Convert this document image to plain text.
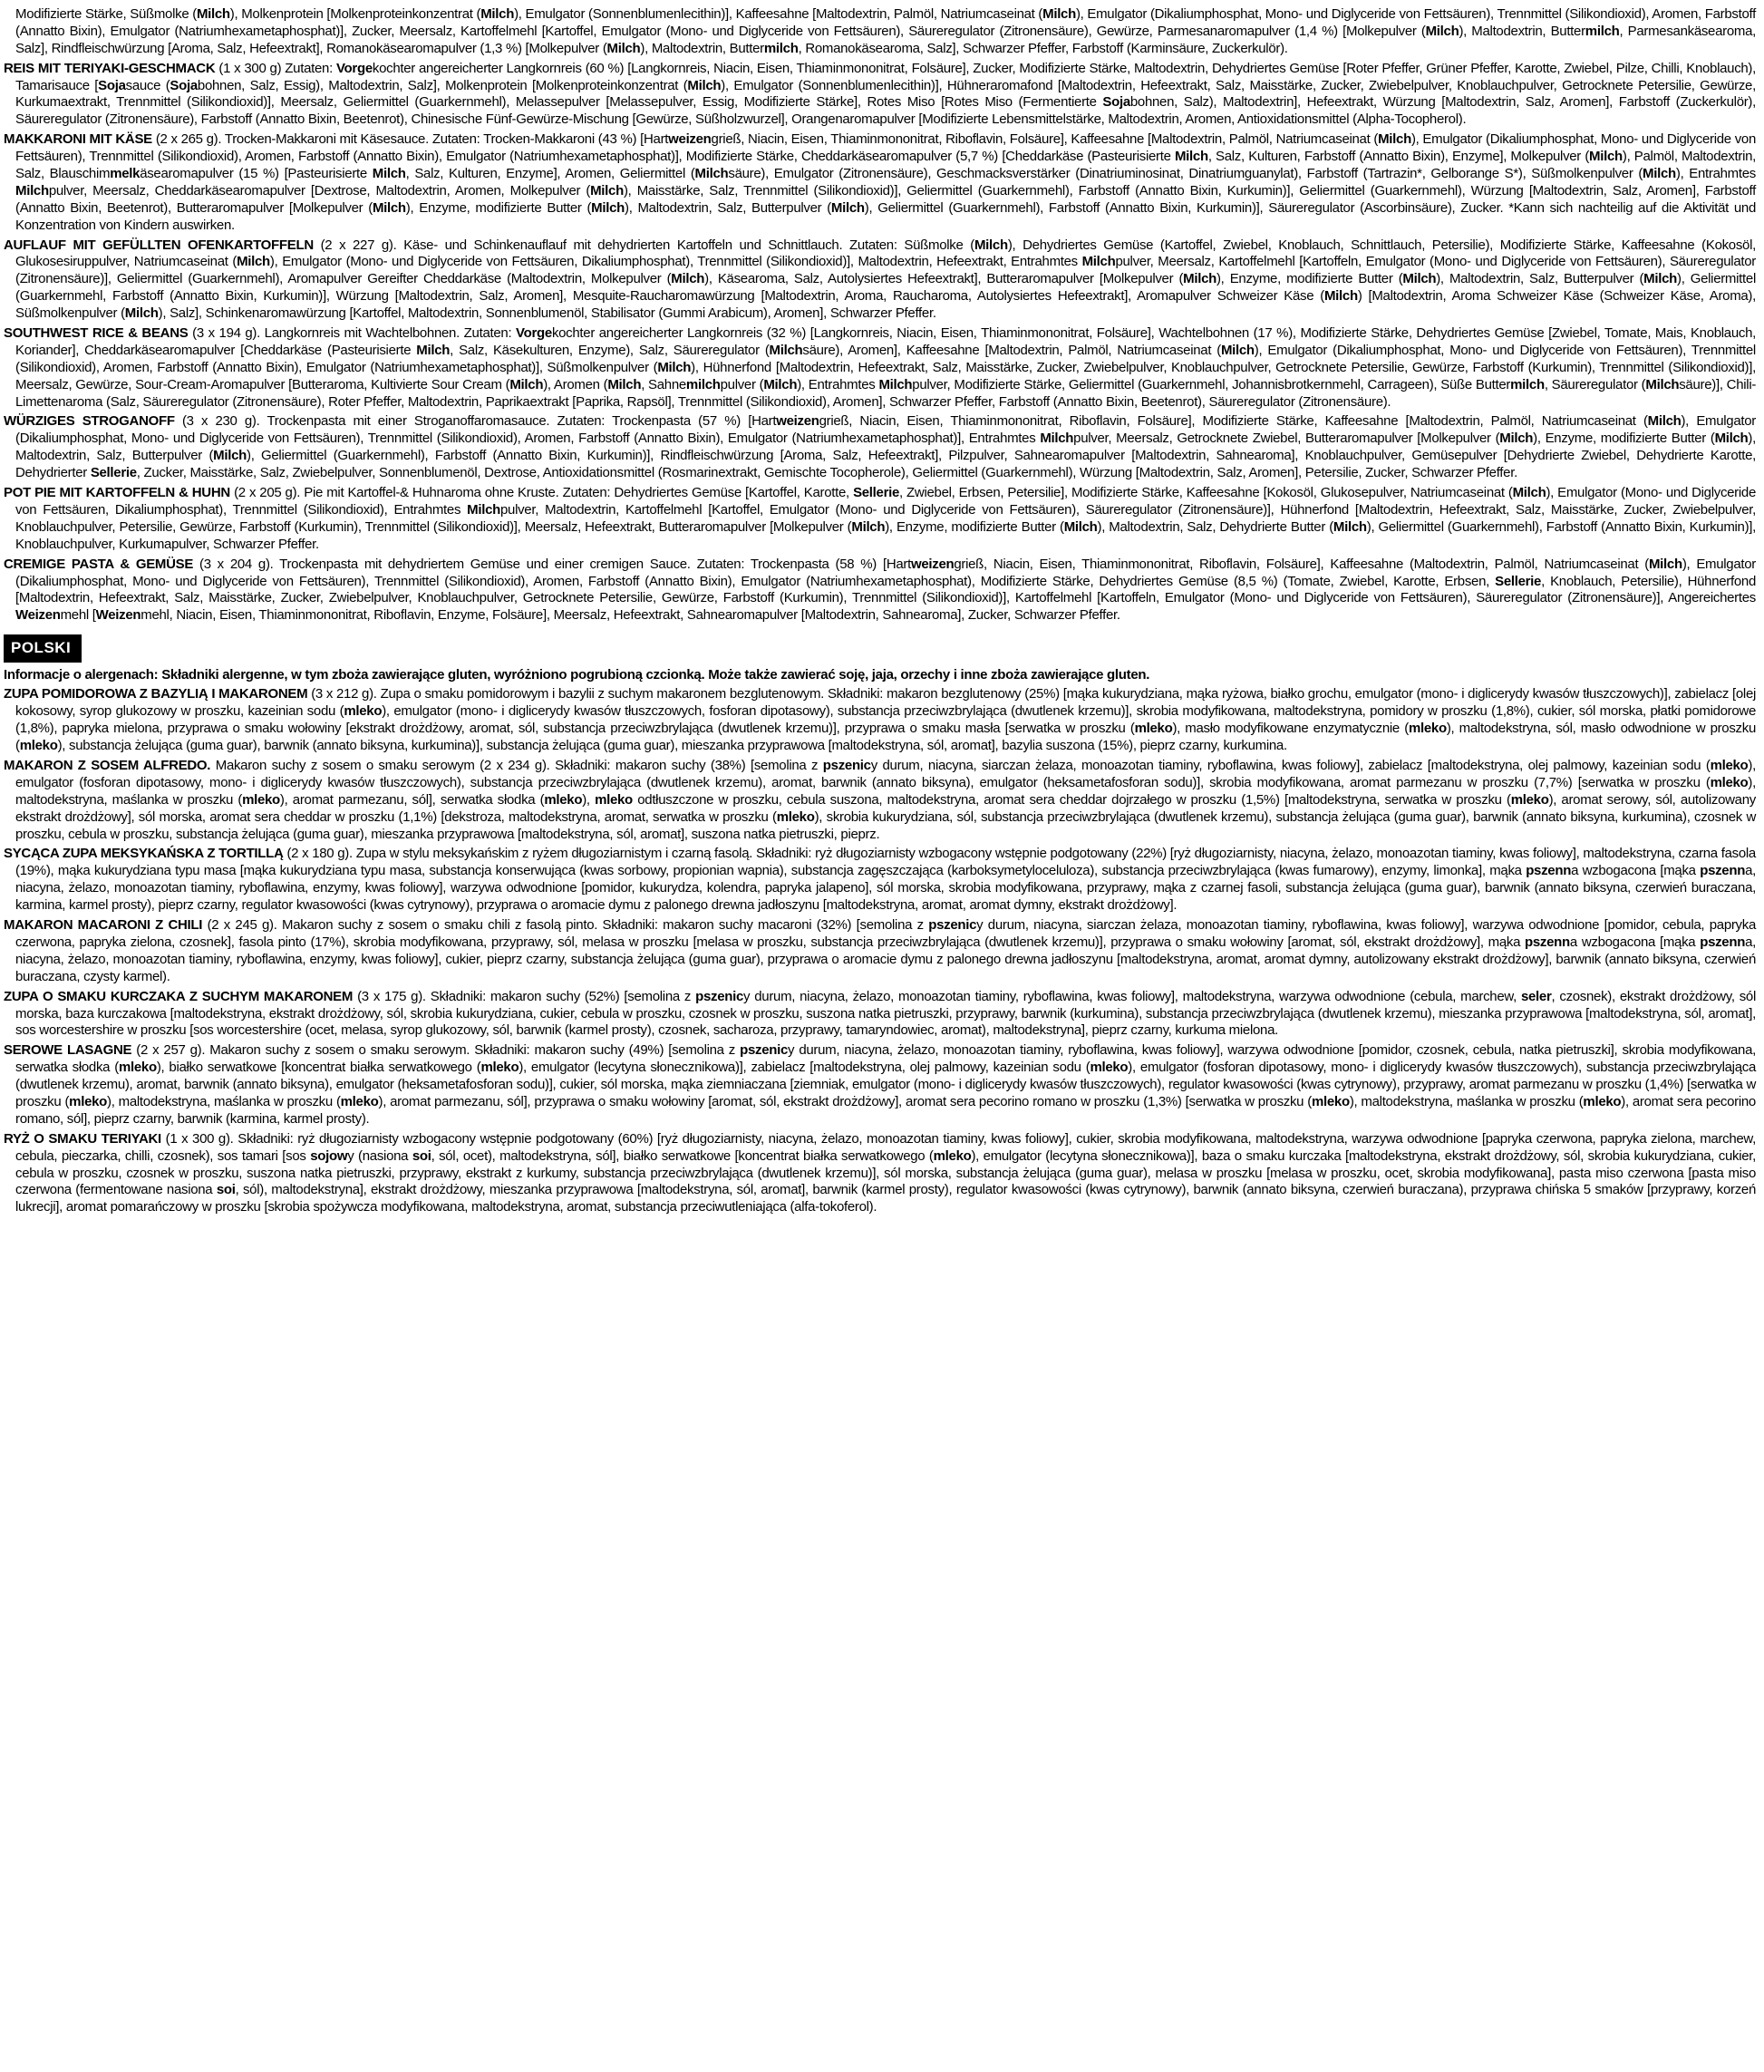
Modifizierte Stärke, Süßmolke (Milch), Molkenprotein [Molkenproteinkonzentrat (Milch), Emulgator (Sonnenblumenlecithin)], Kaffeesahne [Maltodextrin, Palmöl, Natriumcaseinat (Milch), Emulgator (Dikaliumphosphat, Mono- und Diglyceride von Fettsäuren), Trennmittel (Silikondioxid), Aromen, Farbstoff (Annatto Bixin), Emulgator (Natriumhexametaphosphat)], Zucker, Meersalz, Kartoffelmehl [Kartoffel, Emulgator (Mono- und Diglyceride von Fettsäuren), Säureregulator (Zitronensäure), Gewürze, Parmesanaromapulver (1,4 %) [Molkepulver (Milch), Maltodextrin, Buttermilch, Parmesankäsearoma, Salz], Rindfleischwürzung [Aroma, Salz, Hefeextrakt], Romanokäsearomapulver (1,3 %) [Molkepulver (Milch), Maltodextrin, Buttermilch, Romanokäsearoma, Salz], Schwarzer Pfeffer, Farbstoff (Karminsäure, Zuckerkulör).

REIS MIT TERIYAKI-GESCHMACK (1 x 300 g) Zutaten: Vorgekochter angereicherter Langkornreis (60 %) [Langkornreis, Niacin, Eisen, Thiaminmononitrat, Folsäure], Zucker, Modifizierte Stärke, Maltodextrin, Dehydriertes Gemüse [Roter Pfeffer, Grüner Pfeffer, Karotte, Zwiebel, Pilze, Chilli, Knoblauch), Tamarisauce [Sojasauce (Sojabohnen, Salz, Essig), Maltodextrin, Salz], Molkenprotein [Molkenproteinkonzentrat (Milch), Emulgator (Sonnenblumenlecithin)], Hühneraromafond [Maltodextrin, Hefeextrakt, Salz, Maisstärke, Zucker, Zwiebelpulver, Knoblauchpulver, Getrocknete Petersilie, Gewürze, Kurkumaextrakt, Trennmittel (Silikondioxid)], Meersalz, Geliermittel (Guarkernmehl), Melassepulver [Melassepulver, Essig, Modifizierte Stärke], Rotes Miso [Rotes Miso (Fermentierte Sojabohnen, Salz), Maltodextrin], Hefeextrakt, Würzung [Maltodextrin, Salz, Aromen], Farbstoff (Zuckerkulör), Säureregulator (Zitronensäure), Farbstoff (Annatto Bixin, Beetenrot), Chinesische Fünf-Gewürze-Mischung [Gewürze, Süßholzwurzel], Orangenaromapulver [Modifizierte Lebensmittelstärke, Maltodextrin, Aromen, Antioxidationsmittel (Alpha-Tocopherol).

MAKKARONI MIT KÄSE (2 x 265 g). Trocken-Makkaroni mit Käsesauce. Zutaten: Trocken-Makkaroni (43 %) [Hartweizengrieß, Niacin, Eisen, Thiaminmononitrat, Riboflavin, Folsäure], Kaffeesahne [Maltodextrin, Palmöl, Natriumcaseinat (Milch), Emulgator (Dikaliumphosphat, Mono- und Diglyceride von Fettsäuren), Trennmittel (Silikondioxid), Aromen, Farbstoff (Annatto Bixin), Emulgator (Natriumhexametaphosphat)], Modifizierte Stärke, Cheddarkäsearomapulver (5,7 %) [Cheddarkäse (Pasteurisierte Milch, Salz, Kulturen, Farbstoff (Annatto Bixin), Enzyme], Molkepulver (Milch), Palmöl, Maltodextrin, Salz, Blauschimmelkäsearomapulver (15 %) [Pasteurisierte Milch, Salz, Kulturen, Enzyme], Aromen, Geliermittel (Milchsäure), Emulgator (Zitronensäure), Geschmacksverstärker (Dinatriuminosinat, Dinatriumguanylat), Farbstoff (Tartrazin*, Gelborange S*), Süßmolkenpulver (Milch), Entrahmtes Milchpulver, Meersalz, Cheddarkäsearomapulver [Dextrose, Maltodextrin, Aromen, Molkepulver (Milch), Maisstärke, Salz, Trennmittel (Silikondioxid)], Geliermittel (Guarkernmehl), Farbstoff (Annatto Bixin, Kurkumin)], Geliermittel (Guarkernmehl), Würzung [Maltodextrin, Salz, Aromen], Farbstoff (Annatto Bixin, Beetenrot), Butteraromapulver [Molkepulver (Milch), Enzyme, modifizierte Butter (Milch), Maltodextrin, Salz, Butterpulver (Milch), Geliermittel (Guarkernmehl), Farbstoff (Annatto Bixin, Kurkumin)], Säureregulator (Ascorbinsäure), Zucker. *Kann sich nachteilig auf die Aktivität und Konzentration von Kindern auswirken.

AUFLAUF MIT GEFÜLLTEN OFENKARTOFFELN (2 x 227 g). Käse- und Schinkenauflauf mit dehydrierten Kartoffeln und Schnittlauch. Zutaten: Süßmolke (Milch), Dehydriertes Gemüse (Kartoffel, Zwiebel, Knoblauch, Schnittlauch, Petersilie), Modifizierte Stärke, Kaffeesahne (Kokosöl, Glukosesiruppulver, Natriumcaseinat (Milch), Emulgator (Mono- und Diglyceride von Fettsäuren, Dikaliumphosphat), Trennmittel (Silikondioxid)], Maltodextrin, Hefeextrakt, Entrahmtes Milchpulver, Meersalz, Kartoffelmehl [Kartoffeln, Emulgator (Mono- und Diglyceride von Fettsäuren), Säureregulator (Zitronensäure)], Geliermittel (Guarkernmehl), Aromapulver Gereifter Cheddarkäse (Maltodextrin, Molkepulver (Milch), Käsearoma, Salz, Autolysiertes Hefeextrakt], Butteraromapulver [Molkepulver (Milch), Enzyme, modifizierte Butter (Milch), Maltodextrin, Salz, Butterpulver (Milch), Geliermittel (Guarkernmehl, Farbstoff (Annatto Bixin, Kurkumin)], Würzung [Maltodextrin, Salz, Aromen], Mesquite-Raucharomawürzung [Maltodextrin, Aroma, Raucharoma, Autolysiertes Hefeextrakt], Aromapulver Schweizer Käse (Milch) [Maltodextrin, Aroma Schweizer Käse (Schweizer Käse, Aroma), Süßmolkenpulver (Milch), Salz], Schinkenaromawürzung [Kartoffel, Maltodextrin, Sonnenblumenöl, Stabilisator (Gummi Arabicum), Aromen], Schwarzer Pfeffer.

SOUTHWEST RICE & BEANS (3 x 194 g). Langkornreis mit Wachtelbohnen. Zutaten: Vorgekochter angereicherter Langkornreis (32 %) [Langkornreis, Niacin, Eisen, Thiaminmononitrat, Folsäure], Wachtelbohnen (17 %), Modifizierte Stärke, Dehydriertes Gemüse [Zwiebel, Tomate, Mais, Knoblauch, Koriander], Cheddarkäsearomapulver [Cheddarkäse (Pasteurisierte Milch, Salz, Käsekulturen, Enzyme), Salz, Säureregulator (Milchsäure), Aromen], Kaffeesahne [Maltodextrin, Palmöl, Natriumcaseinat (Milch), Emulgator (Dikaliumphosphat, Mono- und Diglyceride von Fettsäuren), Trennmittel (Silikondioxid), Aromen, Farbstoff (Annatto Bixin), Emulgator (Natriumhexametaphosphat)], Süßmolkenpulver (Milch), Hühnerfond [Maltodextrin, Hefeextrakt, Salz, Maisstärke, Zucker, Zwiebelpulver, Knoblauchpulver, Getrocknete Petersilie, Gewürze, Farbstoff (Kurkumin), Trennmittel (Silikondioxid)], Meersalz, Gewürze, Sour-Cream-Aromapulver [Butteraroma, Kultivierte Sour Cream (Milch), Aromen (Milch, Sahnemilchpulver (Milch), Entrahmtes Milchpulver, Modifizierte Stärke, Geliermittel (Guarkernmehl, Johannisbrotkernmehl, Carrageen), Süße Buttermilch, Säureregulator (Milchsäure)], Chili-Limettenaroma (Salz, Säureregulator (Zitronensäure), Roter Pfeffer, Maltodextrin, Paprikaextrakt [Paprika, Rapsöl], Trennmittel (Silikondioxid), Aromen], Schwarzer Pfeffer, Farbstoff (Annatto Bixin, Beetenrot), Säureregulator (Zitronensäure).

WÜRZIGES STROGANOFF (3 x 230 g). Trockenpasta mit einer Stroganoffaromasauce. Zutaten: Trockenpasta (57 %) [Hartweizengrieß, Niacin, Eisen, Thiaminmononitrat, Riboflavin, Folsäure], Modifizierte Stärke, Kaffeesahne [Maltodextrin, Palmöl, Natriumcaseinat (Milch), Emulgator (Dikaliumphosphat, Mono- und Diglyceride von Fettsäuren), Trennmittel (Silikondioxid), Aromen, Farbstoff (Annatto Bixin), Emulgator (Natriumhexametaphosphat)], Entrahmtes Milchpulver, Meersalz, Getrocknete Zwiebel, Butteraromapulver [Molkepulver (Milch), Enzyme, modifizierte Butter (Milch), Maltodextrin, Salz, Butterpulver (Milch), Geliermittel (Guarkernmehl), Farbstoff (Annatto Bixin, Kurkumin)], Rindfleischwürzung [Aroma, Salz, Hefeextrakt], Pilzpulver, Sahnearomapulver [Maltodextrin, Sahnearoma], Knoblauchpulver, Gemüsepulver [Dehydrierte Zwiebel, Dehydrierte Karotte, Dehydrierter Sellerie, Zucker, Maisstärke, Salz, Zwiebelpulver, Sonnenblumenöl, Dextrose, Antioxidationsmittel (Rosmarinextrakt, Gemischte Tocopherole), Geliermittel (Guarkernmehl), Würzung [Maltodextrin, Salz, Aromen], Petersilie, Zucker, Schwarzer Pfeffer.

POT PIE MIT KARTOFFELN & HUHN (2 x 205 g). Pie mit Kartoffel-& Huhnaroma ohne Kruste. Zutaten: Dehydriertes Gemüse [Kartoffel, Karotte, Sellerie, Zwiebel, Erbsen, Petersilie], Modifizierte Stärke, Kaffeesahne [Kokosöl, Glukosepulver, Natriumcaseinat (Milch), Emulgator (Mono- und Diglyceride von Fettsäuren, Dikaliumphosphat), Trennmittel (Silikondioxid), Entrahmtes Milchpulver, Maltodextrin, Kartoffelmehl [Kartoffel, Emulgator (Mono- und Diglyceride von Fettsäuren), Säureregulator (Zitronensäure)], Hühnerfond [Maltodextrin, Hefeextrakt, Salz, Maisstärke, Zucker, Zwiebelpulver, Knoblauchpulver, Petersilie, Gewürze, Farbstoff (Kurkumin), Trennmittel (Silikondioxid)], Meersalz, Hefeextrakt, Butteraromapulver [Molkepulver (Milch), Enzyme, modifizierte Butter (Milch), Maltodextrin, Salz, Dehydrierte Butter (Milch), Geliermittel (Guarkernmehl), Farbstoff (Annatto Bixin, Kurkumin)], Knoblauchpulver, Kurkumapulver, Schwarzer Pfeffer.

CREMIGE PASTA & GEMÜSE (3 x 204 g). Trockenpasta mit dehydriertem Gemüse und einer cremigen Sauce. Zutaten: Trockenpasta (58 %) [Hartweizengrieß, Niacin, Eisen, Thiaminmononitrat, Riboflavin, Folsäure], Kaffeesahne (Maltodextrin, Palmöl, Natriumcaseinat (Milch), Emulgator (Dikaliumphosphat, Mono- und Diglyceride von Fettsäuren), Trennmittel (Silikondioxid), Aromen, Farbstoff (Annatto Bixin), Emulgator (Natriumhexametaphosphat), Modifizierte Stärke, Dehydriertes Gemüse (8,5 %) (Tomate, Zwiebel, Karotte, Erbsen, Sellerie, Knoblauch, Petersilie), Hühnerfond [Maltodextrin, Hefeextrakt, Salz, Maisstärke, Zucker, Zwiebelpulver, Knoblauchpulver, Getrocknete Petersilie, Gewürze, Farbstoff (Kurkumin), Trennmittel (Silikondioxid)], Kartoffelmehl [Kartoffeln, Emulgator (Mono- und Diglyceride von Fettsäuren), Säureregulator (Zitronensäure)], Angereichertes Weizenmehl [Weizenmehl, Niacin, Eisen, Thiaminmononitrat, Riboflavin, Enzyme, Folsäure], Meersalz, Hefeextrakt, Sahnearomapulver [Maltodextrin, Sahnearoma], Zucker, Schwarzer Pfeffer.

POLSKI

Informacje o alergenach: Składniki alergenne, w tym zboża zawierające gluten, wyróżniono pogrubioną czcionką. Może także zawierać soję, jaja, orzechy i inne zboża zawierające gluten.

ZUPA POMIDOROWA Z BAZYLIĄ I MAKARONEM (3 x 212 g). Zupa o smaku pomidorowym i bazylii z suchym makaronem bezglutenowym. Składniki: makaron bezglutenowy (25%) [mąka kukurydziana, mąka ryżowa, białko grochu, emulgator (mono- i diglicerydy kwasów tłuszczowych)], zabielacz [olej kokosowy, syrop glukozowy w proszku, kazeinian sodu (mleko), emulgator (mono- i diglicerydy kwasów tłuszczowych, fosforan dipotasowy), substancja przeciwzbrylająca (dwutlenek krzemu)], skrobia modyfikowana, maltodekstryna, pomidory w proszku (1,8%), cukier, sól morska, płatki pomidorowe (1,8%), papryka mielona, przyprawa o smaku wołowiny [ekstrakt drożdżowy, aromat, sól, substancja przeciwzbrylająca (dwutlenek krzemu)], przyprawa o smaku masła [serwatka w proszku (mleko), masło modyfikowane enzymatycznie (mleko), maltodekstryna, sól, masło odwodnione w proszku (mleko), substancja żelująca (guma guar), barwnik (annato biksyna, kurkumina)], substancja żelująca (guma guar), mieszanka przyprawowa [maltodekstryna, sól, aromat], bazylia suszona (15%), pieprz czarny, kurkumina.

MAKARON Z SOSEM ALFREDO. Makaron suchy z sosem o smaku serowym (2 x 234 g). Składniki: makaron suchy (38%) [semolina z pszenicy durum, niacyna, siarczan żelaza, monoazotan tiaminy, ryboflawina, kwas foliowy], zabielacz [maltodekstryna, olej palmowy, kazeinian sodu (mleko), emulgator (fosforan dipotasowy, mono- i diglicerydy kwasów tłuszczowych), substancja przeciwzbrylająca (dwutlenek krzemu), aromat, barwnik (annato biksyna), emulgator (heksametafosforan sodu)], skrobia modyfikowana, aromat parmezanu w proszku (7,7%) [serwatka w proszku (mleko), maltodekstryna, maślanka w proszku (mleko), aromat parmezanu, sól], serwatka słodka (mleko), mleko odtłuszczone w proszku, cebula suszona, maltodekstryna, aromat sera cheddar dojrzałego w proszku (1,5%) [maltodekstryna, serwatka w proszku (mleko), aromat serowy, sól, autolizowany ekstrakt drożdżowy], sól morska, aromat sera cheddar w proszku (1,1%) [dekstroza, maltodekstryna, aromat, serwatka w proszku (mleko), skrobia kukurydziana, sól, substancja przeciwzbrylająca (dwutlenek krzemu), substancja żelująca (guma guar), barwnik (annato biksyna, kurkumina), czosnek w proszku, cebula w proszku, substancja żelująca (guma guar), mieszanka przyprawowa [maltodekstryna, sól, aromat], suszona natka pietruszki, pieprz.

SYCĄCA ZUPA MEKSYKAŃSKA Z TORTILLĄ (2 x 180 g). Zupa w stylu meksykańskim z ryżem długoziarnistym i czarną fasolą. Składniki: ryż długoziarnisty wzbogacony wstępnie podgotowany (22%) [ryż długoziarnisty, niacyna, żelazo, monoazotan tiaminy, kwas foliowy], maltodekstryna, czarna fasola (19%), mąka kukurydziana typu masa [mąka kukurydziana typu masa, substancja konserwująca (kwas sorbowy, propionian wapnia), substancja zagęszczająca (karboksymetyloceluloza), substancja przeciwzbrylająca (kwas fumarowy), enzymy, limonka], mąka pszenna wzbogacona [mąka pszenna, niacyna, żelazo, monoazotan tiaminy, ryboflawina, enzymy, kwas foliowy], warzywa odwodnione [pomidor, kukurydza, kolendra, papryka jalapeno], sól morska, skrobia modyfikowana, przyprawy, mąka z czarnej fasoli, substancja żelująca (guma guar), barwnik (annato biksyna, czerwień buraczana, karmina, karmel prosty), pieprz czarny, regulator kwasowości (kwas cytrynowy), przyprawa o aromacie dymu z palonego drewna jadłoszynu [maltodekstryna, aromat, aromat dymny, ekstrakt drożdżowy].

MAKARON MACARONI Z CHILI (2 x 245 g). Makaron suchy z sosem o smaku chili z fasolą pinto. Składniki: makaron suchy macaroni (32%) [semolina z pszenicy durum, niacyna, siarczan żelaza, monoazotan tiaminy, ryboflawina, kwas foliowy], warzywa odwodnione [pomidor, cebula, papryka czerwona, papryka zielona, czosnek], fasola pinto (17%), skrobia modyfikowana, przyprawy, sól, melasa w proszku [melasa w proszku, substancja przeciwzbrylająca (dwutlenek krzemu)], przyprawa o smaku wołowiny [aromat, sól, ekstrakt drożdżowy], mąka pszenna wzbogacona [mąka pszenna, niacyna, żelazo, monoazotan tiaminy, ryboflawina, enzymy, kwas foliowy], cukier, pieprz czarny, substancja żelująca (guma guar), przyprawa o aromacie dymu z palonego drewna jadłoszynu [maltodekstryna, aromat, aromat dymny, autolizowany ekstrakt drożdżowy], barwnik (annato biksyna, czerwień buraczana, czysty karmel).

ZUPA O SMAKU KURCZAKA Z SUCHYM MAKARONEM (3 x 175 g). Składniki: makaron suchy (52%) [semolina z pszenicy durum, niacyna, żelazo, monoazotan tiaminy, ryboflawina, kwas foliowy], maltodekstryna, warzywa odwodnione (cebula, marchew, seler, czosnek), ekstrakt drożdżowy, sól morska, baza kurczakowa [maltodekstryna, ekstrakt drożdżowy, sól, skrobia kukurydziana, cukier, cebula w proszku, czosnek w proszku, suszona natka pietruszki, przyprawy, barwnik (kurkumina), substancja przeciwzbrylająca (dwutlenek krzemu), mieszanka przyprawowa [maltodekstryna, sól, aromat], sos worcestershire w proszku [sos worcestershire (ocet, melasa, syrop glukozowy, sól, barwnik (karmel prosty), czosnek, sacharoza, przyprawy, tamaryndowiec, aromat), maltodekstryna], pieprz czarny, kurkuma mielona.

SEROWE LASAGNE (2 x 257 g). Makaron suchy z sosem o smaku serowym. Składniki: makaron suchy (49%) [semolina z pszenicy durum, niacyna, żelazo, monoazotan tiaminy, ryboflawina, kwas foliowy], warzywa odwodnione [pomidor, czosnek, cebula, natka pietruszki], skrobia modyfikowana, serwatka słodka (mleko), białko serwatkowe [koncentrat białka serwatkowego (mleko), emulgator (lecytyna słonecznikowa)], zabielacz [maltodekstryna, olej palmowy, kazeinian sodu (mleko), emulgator (fosforan dipotasowy, mono- i diglicerydy kwasów tłuszczowych), substancja przeciwzbrylająca (dwutlenek krzemu), aromat, barwnik (annato biksyna), emulgator (heksametafosforan sodu)], cukier, sól morska, mąka ziemniaczana [ziemniak, emulgator (mono- i diglicerydy kwasów tłuszczowych), regulator kwasowości (kwas cytrynowy), przyprawy, aromat parmezanu w proszku (1,4%) [serwatka w proszku (mleko), maltodekstryna, maślanka w proszku (mleko), aromat parmezanu, sól], przyprawa o smaku wołowiny [aromat, sól, ekstrakt drożdżowy], aromat sera pecorino romano w proszku (1,3%) [serwatka w proszku (mleko), maltodekstryna, maślanka w proszku (mleko), aromat sera pecorino romano, sól], pieprz czarny, barwnik (karmina, karmel prosty).

RYŻ O SMAKU TERIYAKI (1 x 300 g). Składniki: ryż długoziarnisty wzbogacony wstępnie podgotowany (60%) [ryż długoziarnisty, niacyna, żelazo, monoazotan tiaminy, kwas foliowy], cukier, skrobia modyfikowana, maltodekstryna, warzywa odwodnione [papryka czerwona, papryka zielona, marchew, cebula, pieczarka, chilli, czosnek), sos tamari [sos sojowy (nasiona soi, sól, ocet), maltodekstryna, sól], białko serwatkowe [koncentrat białka serwatkowego (mleko), emulgator (lecytyna słonecznikowa)], baza o smaku kurczaka [maltodekstryna, ekstrakt drożdżowy, sól, skrobia kukurydziana, cukier, cebula w proszku, czosnek w proszku, suszona natka pietruszki, przyprawy, ekstrakt z kurkumy, substancja przeciwzbrylająca (dwutlenek krzemu)], sól morska, substancja żelująca (guma guar), melasa w proszku [melasa w proszku, ocet, skrobia modyfikowana], pasta miso czerwona [pasta miso czerwona (fermentowane nasiona soi, sól), maltodekstryna], ekstrakt drożdżowy, mieszanka przyprawowa [maltodekstryna, sól, aromat], barwnik (karmel prosty), regulator kwasowości (kwas cytrynowy), barwnik (annato biksyna, czerwień buraczana), przyprawa chińska 5 smaków [przyprawy, korzeń lukrecji], aromat pomarańczowy w proszku [skrobia spożywcza modyfikowana, maltodekstryna, aromat, substancja przeciwutleniająca (alfa-tokoferol).
